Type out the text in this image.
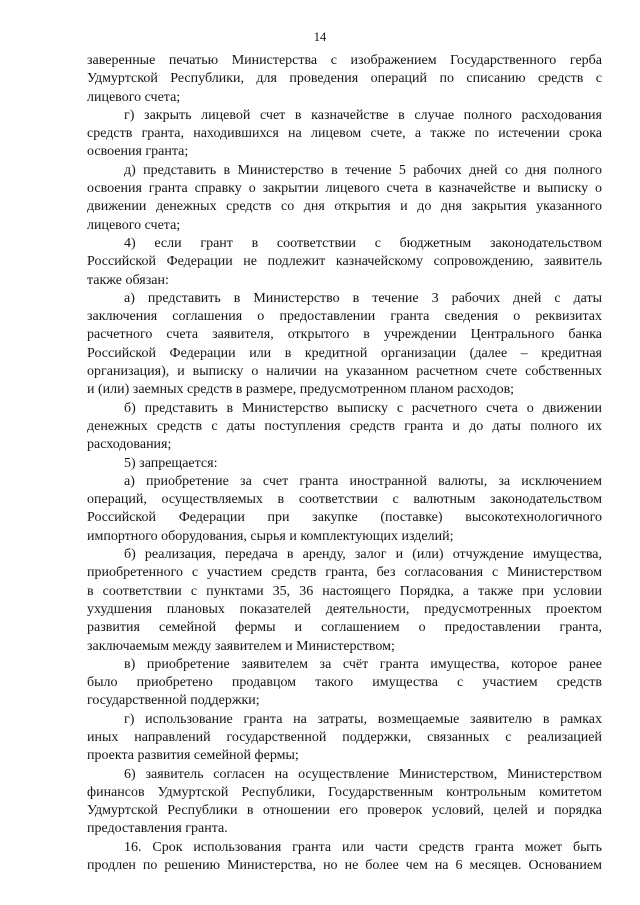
14
заверенные печатью Министерства с изображением Государственного герба
Удмуртской Республики, для проведения операций по списанию средств с
лицевого счета;
г) закрыть лицевой счет в казначействе в случае полного расходования
средств гранта, находившихся на лицевом счете, а также по истечении срока
освоения гранта;
д) представить в Министерство в течение 5 рабочих дней со дня полного
освоения гранта справку о закрытии лицевого счета в казначействе и выписку о
движении денежных средств со дня открытия и до дня закрытия указанного
лицевого счета;
4) если грант в соответствии с бюджетным законодательством
Российской Федерации не подлежит казначейскому сопровождению, заявитель
также обязан:
а) представить в Министерство в течение 3 рабочих дней с даты
заключения соглашения о предоставлении гранта сведения о реквизитах
расчетного счета заявителя, открытого в учреждении Центрального банка
Российской Федерации или в кредитной организации (далее – кредитная
организация), и выписку о наличии на указанном расчетном счете собственных
и (или) заемных средств в размере, предусмотренном планом расходов;
б) представить в Министерство выписку с расчетного счета о движении
денежных средств с даты поступления средств гранта и до даты полного их
расходования;
5) запрещается:
а) приобретение за счет гранта иностранной валюты, за исключением
операций, осуществляемых в соответствии с валютным законодательством
Российской Федерации при закупке (поставке) высокотехнологичного
импортного оборудования, сырья и комплектующих изделий;
б) реализация, передача в аренду, залог и (или) отчуждение имущества,
приобретенного с участием средств гранта, без согласования с Министерством
в соответствии с пунктами 35, 36 настоящего Порядка, а также при условии
ухудшения плановых показателей деятельности, предусмотренных проектом
развития семейной фермы и соглашением о предоставлении гранта,
заключаемым между заявителем и Министерством;
в) приобретение заявителем за счёт гранта имущества, которое ранее
было приобретено продавцом такого имущества с участием средств
государственной поддержки;
г) использование гранта на затраты, возмещаемые заявителю в рамках
иных направлений государственной поддержки, связанных с реализацией
проекта развития семейной фермы;
6) заявитель согласен на осуществление Министерством, Министерством
финансов Удмуртской Республики, Государственным контрольным комитетом
Удмуртской Республики в отношении его проверок условий, целей и порядка
предоставления гранта.
16. Срок использования гранта или части средств гранта может быть
продлен по решению Министерства, но не более чем на 6 месяцев. Основанием
